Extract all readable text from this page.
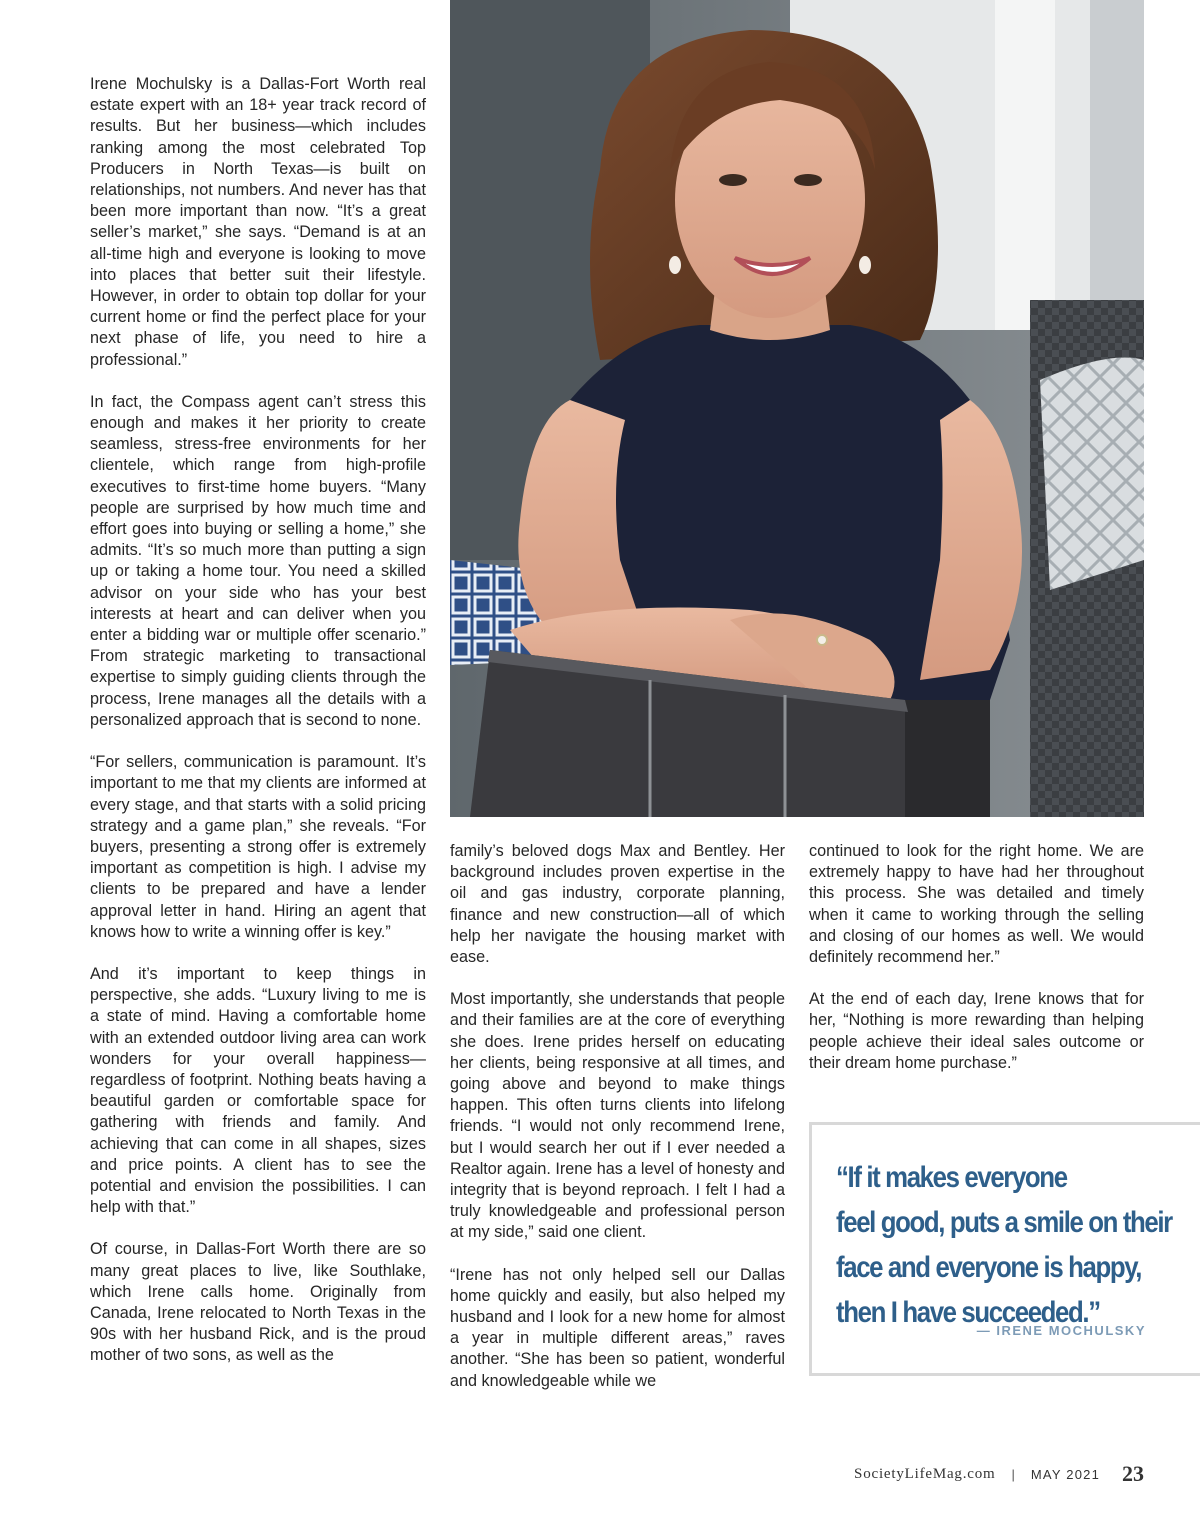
Irene Mochulsky is a Dallas-Fort Worth real estate expert with an 18+ year track record of results. But her business—which includes ranking among the most celebrated Top Producers in North Texas—is built on relationships, not numbers. And never has that been more important than now. “It’s a great seller’s market,” she says. “Demand is at an all-time high and everyone is looking to move into places that better suit their lifestyle. However, in order to obtain top dollar for your current home or find the perfect place for your next phase of life, you need to hire a professional.”

In fact, the Compass agent can’t stress this enough and makes it her priority to create seamless, stress-free environments for her clientele, which range from high-profile executives to first-time home buyers. “Many people are surprised by how much time and effort goes into buying or selling a home,” she admits. “It’s so much more than putting a sign up or taking a home tour. You need a skilled advisor on your side who has your best interests at heart and can deliver when you enter a bidding war or multiple offer scenario.” From strategic marketing to transactional expertise to simply guiding clients through the process, Irene manages all the details with a personalized approach that is second to none.

“For sellers, communication is paramount. It’s important to me that my clients are informed at every stage, and that starts with a solid pricing strategy and a game plan,” she reveals. “For buyers, presenting a strong offer is extremely important as competition is high. I advise my clients to be prepared and have a lender approval letter in hand. Hiring an agent that knows how to write a winning offer is key.”

And it’s important to keep things in perspective, she adds. “Luxury living to me is a state of mind. Having a comfortable home with an extended outdoor living area can work wonders for your overall happiness—regardless of footprint. Nothing beats having a beautiful garden or comfortable space for gathering with friends and family. And achieving that can come in all shapes, sizes and price points. A client has to see the potential and envision the possibilities. I can help with that.”

Of course, in Dallas-Fort Worth there are so many great places to live, like Southlake, which Irene calls home. Originally from Canada, Irene relocated to North Texas in the 90s with her husband Rick, and is the proud mother of two sons, as well as the

family’s beloved dogs Max and Bentley. Her background includes proven expertise in the oil and gas industry, corporate planning, finance and new construction—all of which help her navigate the housing market with ease.

Most importantly, she understands that people and their families are at the core of everything she does. Irene prides herself on educating her clients, being responsive at all times, and going above and beyond to make things happen. This often turns clients into lifelong friends. “I would not only recommend Irene, but I would search her out if I ever needed a Realtor again. Irene has a level of honesty and integrity that is beyond reproach. I felt I had a truly knowledgeable and professional person at my side,” said one client.

“Irene has not only helped sell our Dallas home quickly and easily, but also helped my husband and I look for a new home for almost a year in multiple different areas,” raves another. “She has been so patient, wonderful and knowledgeable while we

continued to look for the right home. We are extremely happy to have had her throughout this process. She was detailed and timely when it came to working through the selling and closing of our homes as well. We would definitely recommend her.”

At the end of each day, Irene knows that for her, “Nothing is more rewarding than helping people achieve their ideal sales outcome or their dream home purchase.”

“If it makes everyone
feel good, puts a smile on their
face and everyone is happy,
then I have succeeded.”
— IRENE MOCHULSKY
SocietyLifeMag.com | MAY 2021 23
